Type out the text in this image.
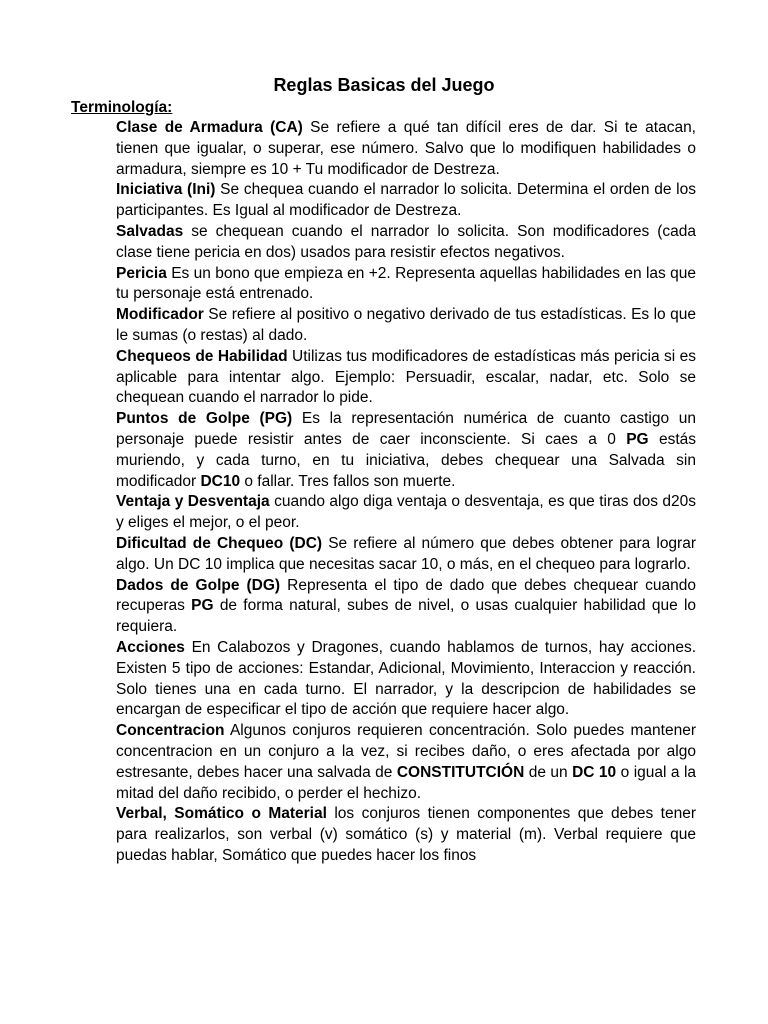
Reglas Basicas del Juego
Terminología:

Clase de Armadura (CA) Se refiere a qué tan difícil eres de dar. Si te atacan, tienen que igualar, o superar, ese número. Salvo que lo modifiquen habilidades o armadura, siempre es 10 + Tu modificador de Destreza.

Iniciativa (Ini) Se chequea cuando el narrador lo solicita. Determina el orden de los participantes. Es Igual al modificador de Destreza.

Salvadas se chequean cuando el narrador lo solicita. Son modificadores (cada clase tiene pericia en dos) usados para resistir efectos negativos.

Pericia Es un bono que empieza en +2. Representa aquellas habilidades en las que tu personaje está entrenado.

Modificador Se refiere al positivo o negativo derivado de tus estadísticas. Es lo que le sumas (o restas) al dado.

Chequeos de Habilidad Utilizas tus modificadores de estadísticas más pericia si es aplicable para intentar algo. Ejemplo: Persuadir, escalar, nadar, etc. Solo se chequean cuando el narrador lo pide.

Puntos de Golpe (PG) Es la representación numérica de cuanto castigo un personaje puede resistir antes de caer inconsciente. Si caes a 0 PG estás muriendo, y cada turno, en tu iniciativa, debes chequear una Salvada sin modificador DC10 o fallar. Tres fallos son muerte.

Ventaja y Desventaja cuando algo diga ventaja o desventaja, es que tiras dos d20s y eliges el mejor, o el peor.

Dificultad de Chequeo (DC) Se refiere al número que debes obtener para lograr algo. Un DC 10 implica que necesitas sacar 10, o más, en el chequeo para lograrlo.

Dados de Golpe (DG) Representa el tipo de dado que debes chequear cuando recuperas PG de forma natural, subes de nivel, o usas cualquier habilidad que lo requiera.

Acciones En Calabozos y Dragones, cuando hablamos de turnos, hay acciones. Existen 5 tipo de acciones: Estandar, Adicional, Movimiento, Interaccion y reacción. Solo tienes una en cada turno. El narrador, y la descripcion de habilidades se encargan de especificar el tipo de acción que requiere hacer algo.

Concentracion Algunos conjuros requieren concentración. Solo puedes mantener concentracion en un conjuro a la vez, si recibes daño, o eres afectada por algo estresante, debes hacer una salvada de CONSTITUTCIÓN de un DC 10 o igual a la mitad del daño recibido, o perder el hechizo.

Verbal, Somático o Material los conjuros tienen componentes que debes tener para realizarlos, son verbal (v) somático (s) y material (m). Verbal requiere que puedas hablar, Somático que puedes hacer los finos
